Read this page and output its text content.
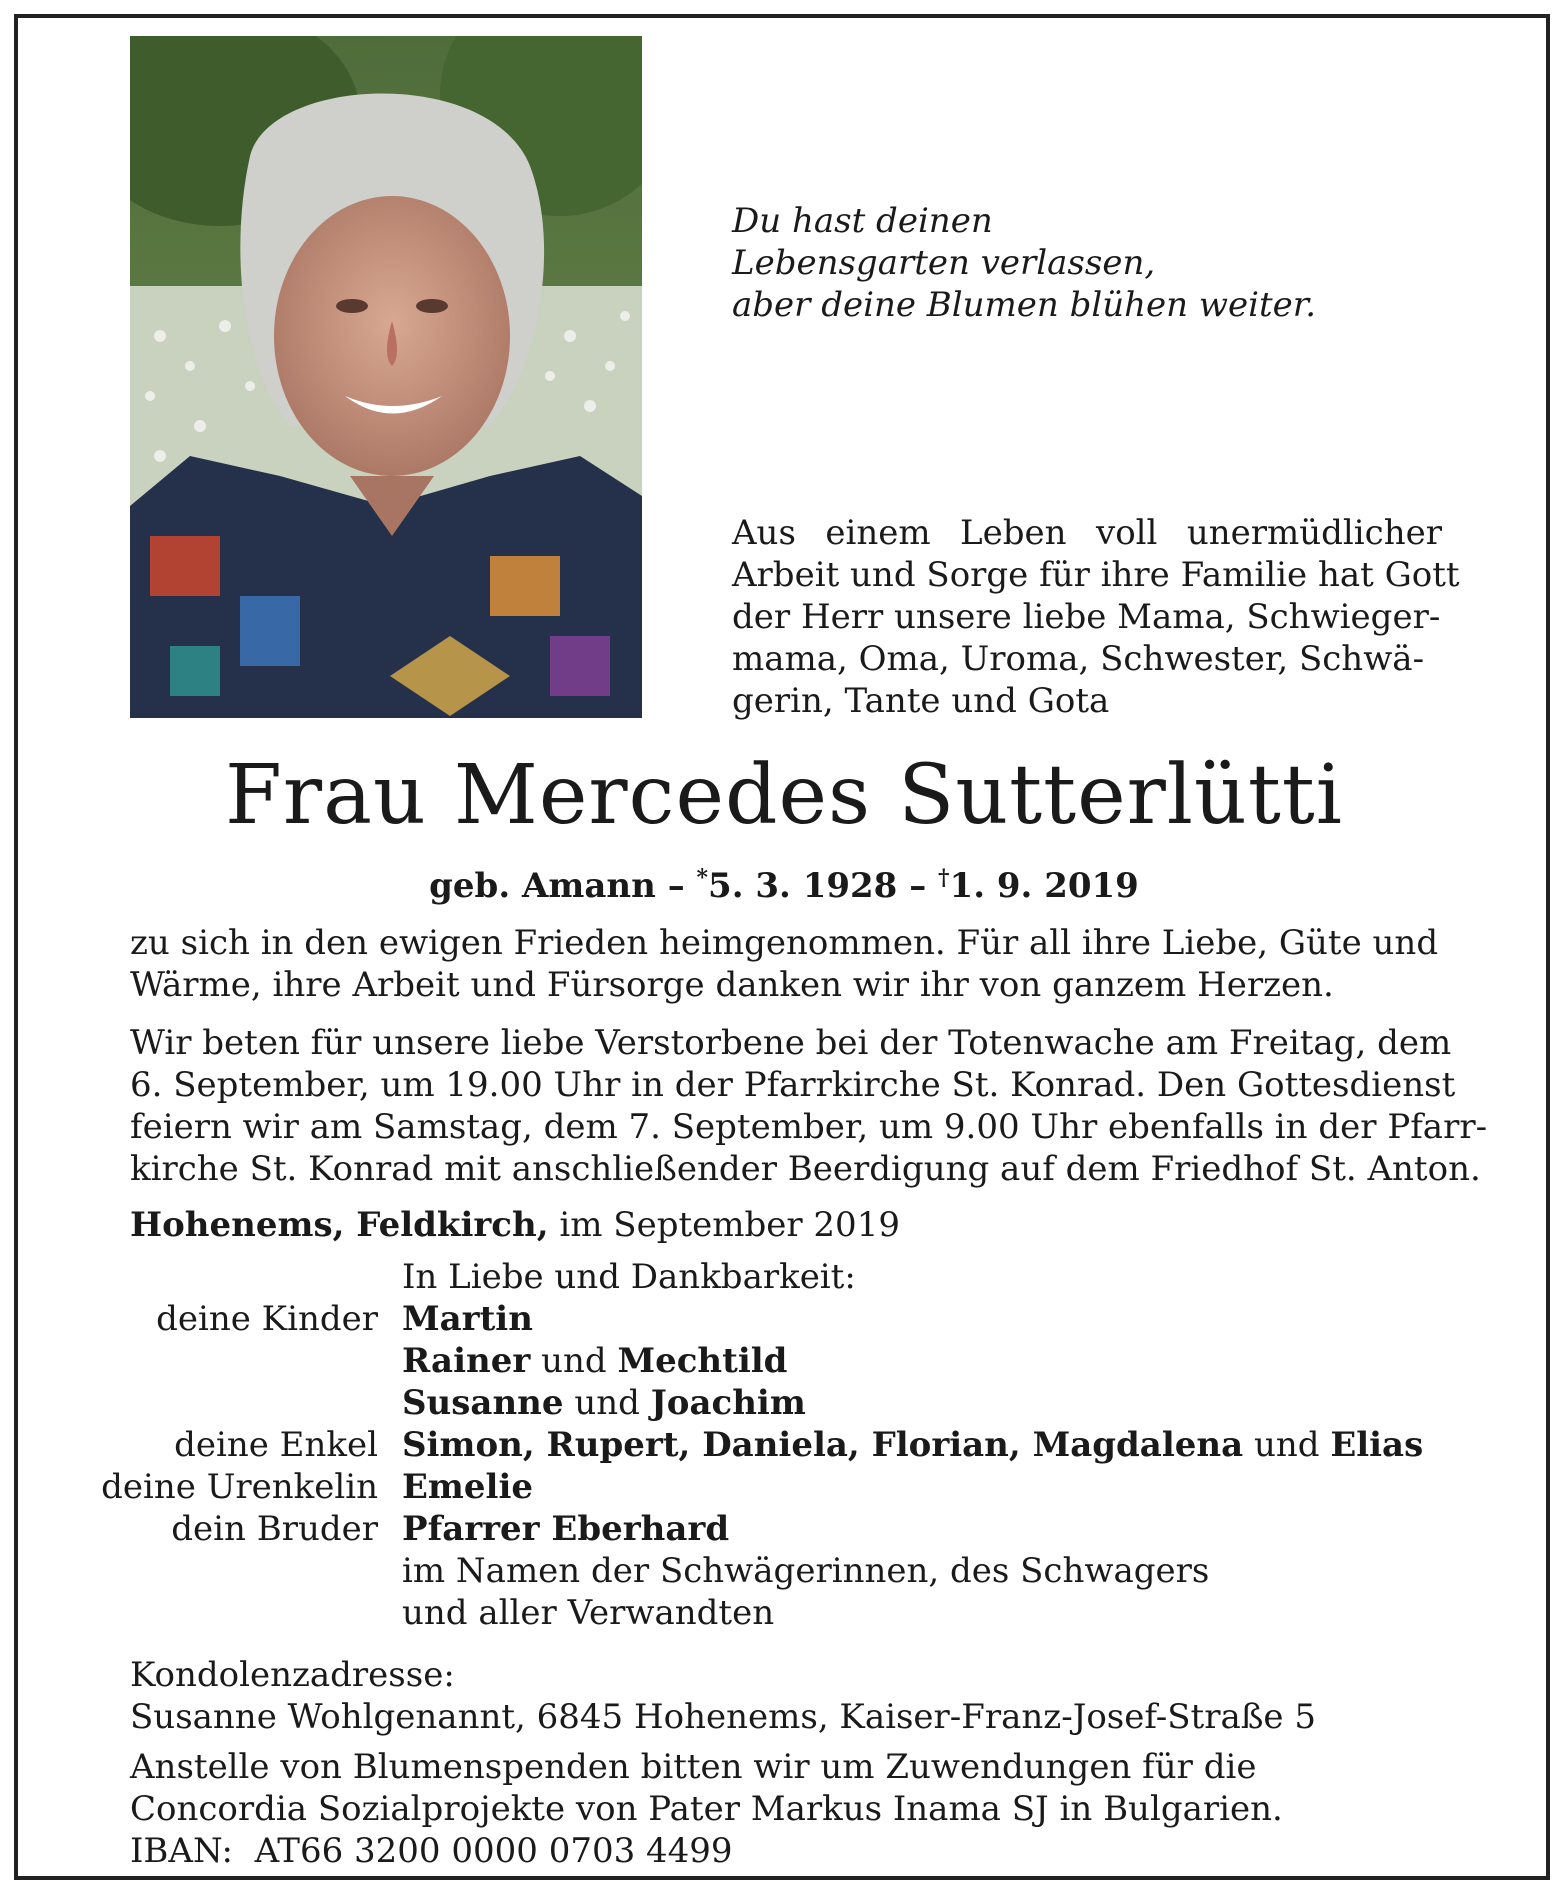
Du hast deinen
Lebensgarten verlassen,
aber deine Blumen blühen weiter.
Aus einem Leben voll unermüdlicher
Arbeit und Sorge für ihre Familie hat Gott
der Herr unsere liebe Mama, Schwieger-
mama, Oma, Uroma, Schwester, Schwä-
gerin, Tante und Gota
Frau Mercedes Sutterlütti
geb. Amann – *5. 3. 1928 – †1. 9. 2019
zu sich in den ewigen Frieden heimgenommen. Für all ihre Liebe, Güte und
Wärme, ihre Arbeit und Fürsorge danken wir ihr von ganzem Herzen.
Wir beten für unsere liebe Verstorbene bei der Totenwache am Freitag, dem
6. September, um 19.00 Uhr in der Pfarrkirche St. Konrad. Den Gottesdienst
feiern wir am Samstag, dem 7. September, um 9.00 Uhr ebenfalls in der Pfarr-
kirche St. Konrad mit anschließender Beerdigung auf dem Friedhof St. Anton.
Hohenems, Feldkirch, im September 2019
In Liebe und Dankbarkeit:
deine Kinder Martin
Rainer und Mechtild
Susanne und Joachim
deine Enkel Simon, Rupert, Daniela, Florian, Magdalena und Elias
deine Urenkelin Emelie
dein Bruder Pfarrer Eberhard
im Namen der Schwägerinnen, des Schwagers
und aller Verwandten
Kondolenzadresse:
Susanne Wohlgenannt, 6845 Hohenems, Kaiser-Franz-Josef-Straße 5
Anstelle von Blumenspenden bitten wir um Zuwendungen für die
Concordia Sozialprojekte von Pater Markus Inama SJ in Bulgarien.
IBAN:  AT66 3200 0000 0703 4499
